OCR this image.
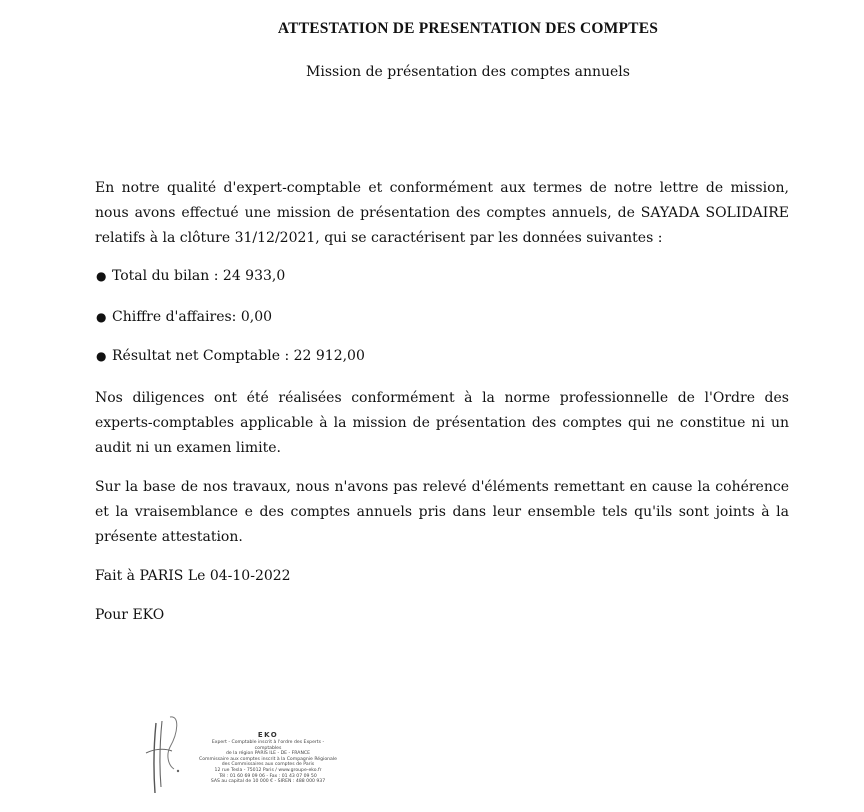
ATTESTATION DE PRESENTATION DES COMPTES
Mission de présentation des comptes annuels
En notre qualité d'expert-comptable et conformément aux termes de notre lettre de mission, nous avons effectué une mission de présentation des comptes annuels, de SAYADA SOLIDAIRE relatifs à la clôture 31/12/2021, qui se caractérisent par les données suivantes :
● Total du bilan : 24 933,0
● Chiffre d'affaires: 0,00
● Résultat net Comptable : 22 912,00
Nos diligences ont été réalisées conformément à la norme professionnelle de l'Ordre des experts-comptables applicable à la mission de présentation des comptes qui ne constitue ni un audit ni un examen limite.
Sur la base de nos travaux, nous n'avons pas relevé d'éléments remettant en cause la cohérence et la vraisemblance e des comptes annuels pris dans leur ensemble tels qu'ils sont joints à la présente attestation.
Fait à PARIS Le 04-10-2022
Pour EKO
EKO
Expert - Comptable inscrit à l'ordre des Experts - comptables
de la région PARIS ILE - DE - FRANCE
Commissaire aux comptes inscrit à la Compagnie Régionale
des Commissaires aux comptes de Paris
12 rue Tesla - 75012 Paris / www.groupe-eko.fr
Tél : 01 60 69 09 06 - Fax : 01 43 07 09 50
SAS au capital de 10 000 € - SIREN : 488 000 937
